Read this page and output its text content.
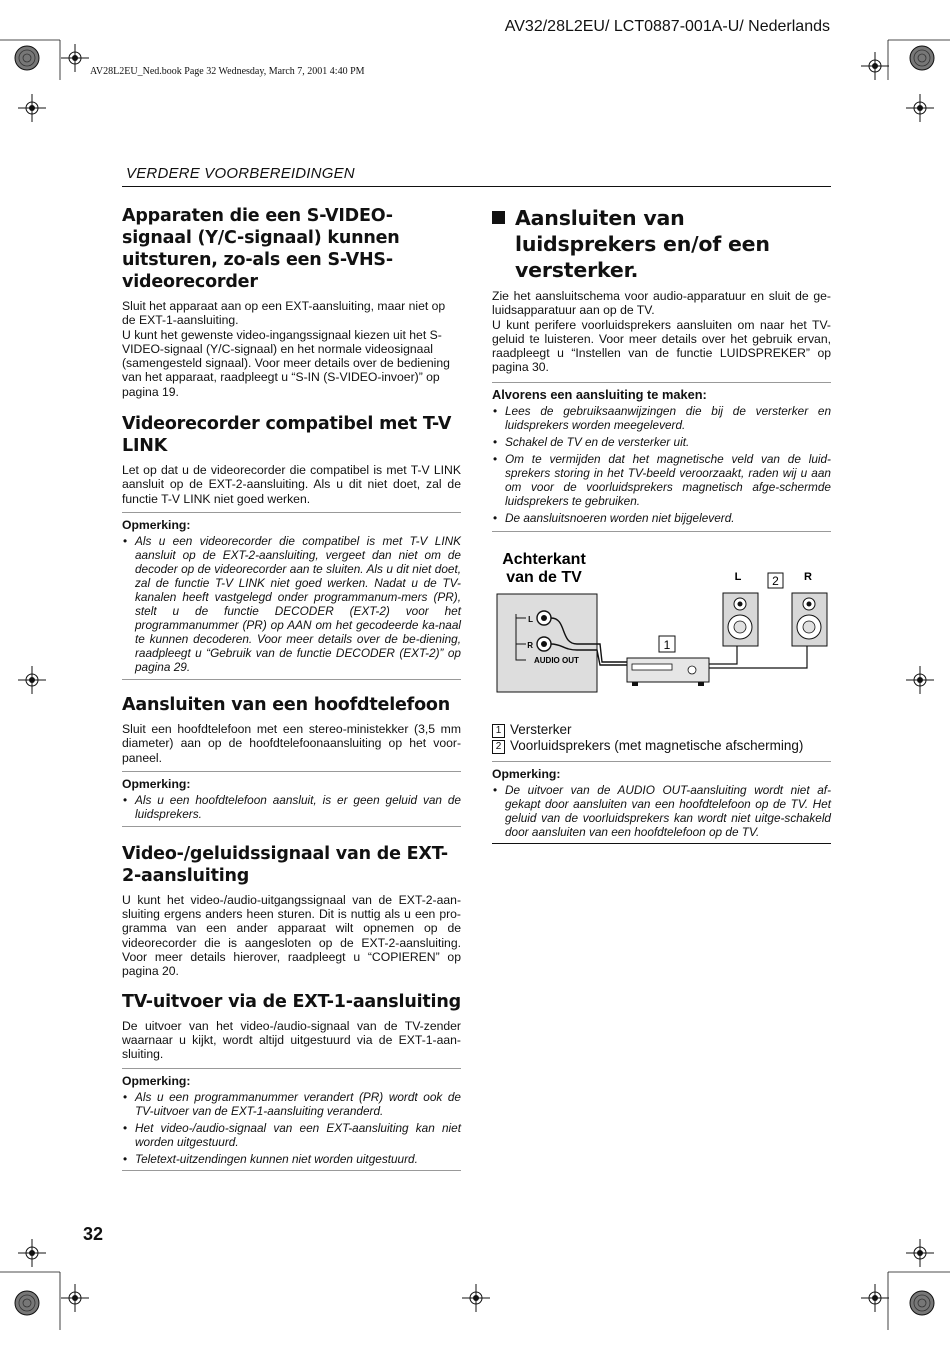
AV32/28L2EU/ LCT0887-001A-U/ Nederlands
AV28L2EU_Ned.book Page 32 Wednesday, March 7, 2001 4:40 PM
VERDERE VOORBEREIDINGEN
Apparaten die een S-VIDEO-signaal (Y/C-signaal) kunnen uitsturen, zo-als een S-VHS-videorecorder

Sluit het apparaat aan op een EXT-aansluiting, maar niet op de EXT-1-aansluiting.

U kunt het gewenste video-ingangssignaal kiezen uit het S-VIDEO-signaal (Y/C-signaal) en het normale videosignaal (samengesteld signaal). Voor meer details over de bediening van het apparaat, raadpleegt u “S-IN (S-VIDEO-invoer)” op pagina 19.

Videorecorder compatibel met T-V LINK

Let op dat u de videorecorder die compatibel is met T-V LINK aansluit op de EXT-2-aansluiting. Als u dit niet doet, zal de functie T-V LINK niet goed werken.

Opmerking:

• Als u een videorecorder die compatibel is met T-V LINK aansluit op de EXT-2-aansluiting, vergeet dan niet om de decoder op de videorecorder aan te sluiten. Als u dit niet doet, zal de functie T-V LINK niet goed werken. Nadat u de TV-kanalen heeft vastgelegd onder programmanum-mers (PR), stelt u de functie DECODER (EXT-2) voor het programmanummer (PR) op AAN om het gecodeerde ka-naal te kunnen decoderen. Voor meer details over de be-diening, raadpleegt u “Gebruik van de functie DECODER (EXT-2)” op pagina 29.
Aansluiten van een hoofdtelefoon

Sluit een hoofdtelefoon met een stereo-ministekker (3,5 mm diameter) aan op de hoofdtelefoonaansluiting op het voor-paneel.

Opmerking:

• Als u een hoofdtelefoon aansluit, is er geen geluid van de luidsprekers.
Video-/geluidssignaal van de EXT-2-aansluiting

U kunt het video-/audio-uitgangssignaal van de EXT-2-aan-sluiting ergens anders heen sturen. Dit is nuttig als u een pro-gramma van een ander apparaat wilt opnemen op de videorecorder die is aangesloten op de EXT-2-aansluiting. Voor meer details hierover, raadpleegt u “COPIEREN” op pagina 20.

TV-uitvoer via de EXT-1-aansluiting

De uitvoer van het video-/audio-signaal van de TV-zender waarnaar u kijkt, wordt altijd uitgestuurd via de EXT-1-aan-sluiting.

Opmerking:

• Als u een programmanummer verandert (PR) wordt ook de TV-uitvoer van de EXT-1-aansluiting veranderd.
• Het video-/audio-signaal van een EXT-aansluiting kan niet worden uitgestuurd.
• Teletext-uitzendingen kunnen niet worden uitgestuurd.
Aansluiten van luidsprekers en/of een versterker.

Zie het aansluitschema voor audio-apparatuur en sluit de ge-luidsapparatuur aan op de TV.

U kunt perifere voorluidsprekers aansluiten om naar het TV-geluid te luisteren. Voor meer details over het gebruik ervan, raadpleegt u “Instellen van de functie LUIDSPREKER” op pagina 30.

Alvorens een aansluiting te maken:

• Lees de gebruiksaanwijzingen die bij de versterker en luidsprekers worden meegeleverd.
• Schakel de TV en de versterker uit.
• Om te vermijden dat het magnetische veld van de luid-sprekers storing in het TV-beeld veroorzaakt, raden wij u aan om voor de voorluidsprekers magnetisch afge-schermde luidsprekers te gebruiken.
• De aansluitsnoeren worden niet bijgeleverd.
Achterkant
van de TV
L
R
AUDIO OUT
1
L	2 R
1 Versterker
2 Voorluidsprekers (met magnetische afscherming)

Opmerking:

• De uitvoer van de AUDIO OUT-aansluiting wordt niet af-gekapt door aansluiten van een hoofdtelefoon op de TV. Het geluid van de voorluidsprekers kan wordt niet uitge-schakeld door aansluiten van een hoofdtelefoon op de TV.
32
